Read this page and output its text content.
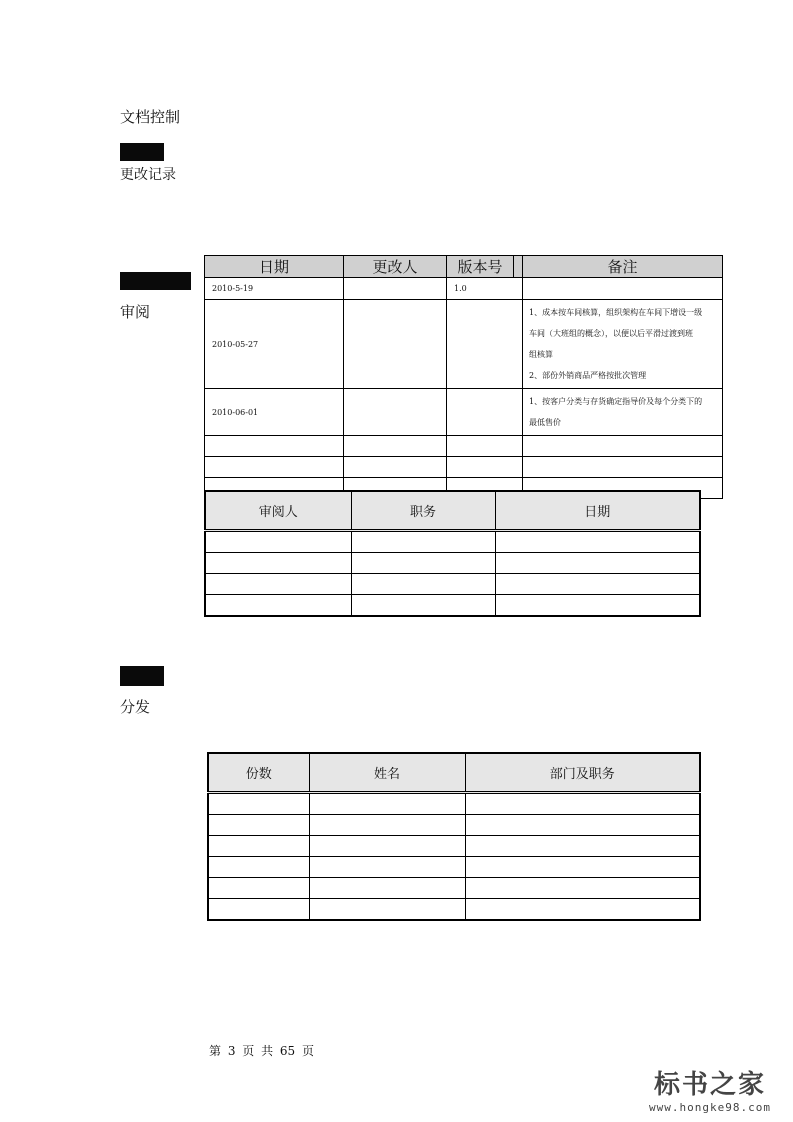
文档控制
更改记录
审阅
日期	更改人	版本号	备注
2010-5-19		1.0	
2010-05-27			1、成本按车间核算，组织架构在车间下增设一级
车间（大班组的概念），以便以后平滑过渡到班
组核算
2、部份外销商品严格按批次管理

2010-06-01			1、按客户分类与存货确定指导价及每个分类下的
最低售价

审阅人	职务	日期

分发
份数	姓名	部门及职务

第 3 页 共 65 页
标书之家
www.hongke98.com
